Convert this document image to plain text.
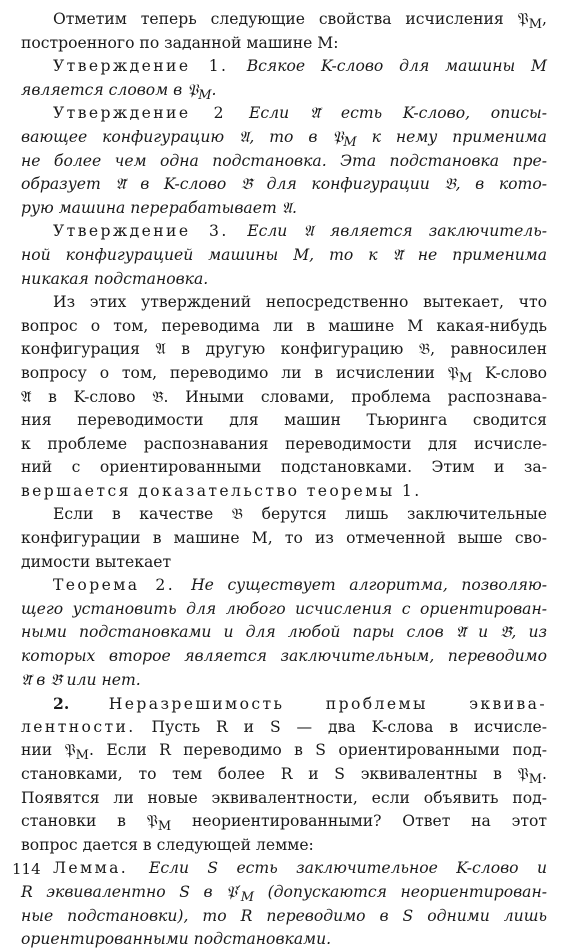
Отметим теперь следующие свойства исчисления 𝔓$_M$,
построенного по заданной машине M:
Утверждение 1. Всякое K-слово для машины M
является словом в 𝔓$_M$.
Утверждение 2 Если 𝔄̃ есть K-слово, описы-
вающее конфигурацию 𝔄, то в 𝔓$_M$ к нему применима
не более чем одна подстановка. Эта подстановка пре-
образует 𝔄̃ в K-слово 𝔅̃ для конфигурации 𝔅, в кото-
рую машина перерабатывает 𝔄.
Утверждение 3. Если 𝔄 является заключитель-
ной конфигурацией машины M, то к 𝔄̃ не применима
никакая подстановка.
Из этих утверждений непосредственно вытекает, что
вопрос о том, переводима ли в машине M какая-нибудь
конфигурация 𝔄 в другую конфигурацию 𝔅, равносилен
вопросу о том, переводимо ли в исчислении 𝔓$_M$ K-слово
𝔄̃ в K-слово 𝔅̃. Иными словами, проблема распознава-
ния переводимости для машин Тьюринга сводится
к проблеме распознавания переводимости для исчисле-
ний с ориентированными подстановками. Этим и за-
вершается доказательство теоремы 1.
Если в качестве 𝔅 берутся лишь заключительные
конфигурации в машине M, то из отмеченной выше сво-
димости вытекает
Теорема 2. Не существует алгоритма, позволяю-
щего установить для любого исчисления с ориентирован-
ными подстановками и для любой пары слов 𝔄̃ и 𝔅̃, из
которых второе является заключительным, переводимо
𝔄̃ в 𝔅̃ или нет.
2. Неразрешимость проблемы эквива-
лентности. Пусть R и S — два K-слова в исчисле-
нии 𝔓$_M$. Если R переводимо в S ориентированными под-
становками, то тем более R и S эквивалентны в 𝔓$_M$.
Появятся ли новые эквивалентности, если объявить под-
становки в 𝔓$_M$ неориентированными? Ответ на этот
вопрос дается в следующей лемме:
Лемма. Если S есть заключительное K-слово и
R эквивалентно S в $𝔓'_M$ (допускаются неориентирован-
ные подстановки), то R переводимо в S одними лишь
ориентированными подстановками.
114
